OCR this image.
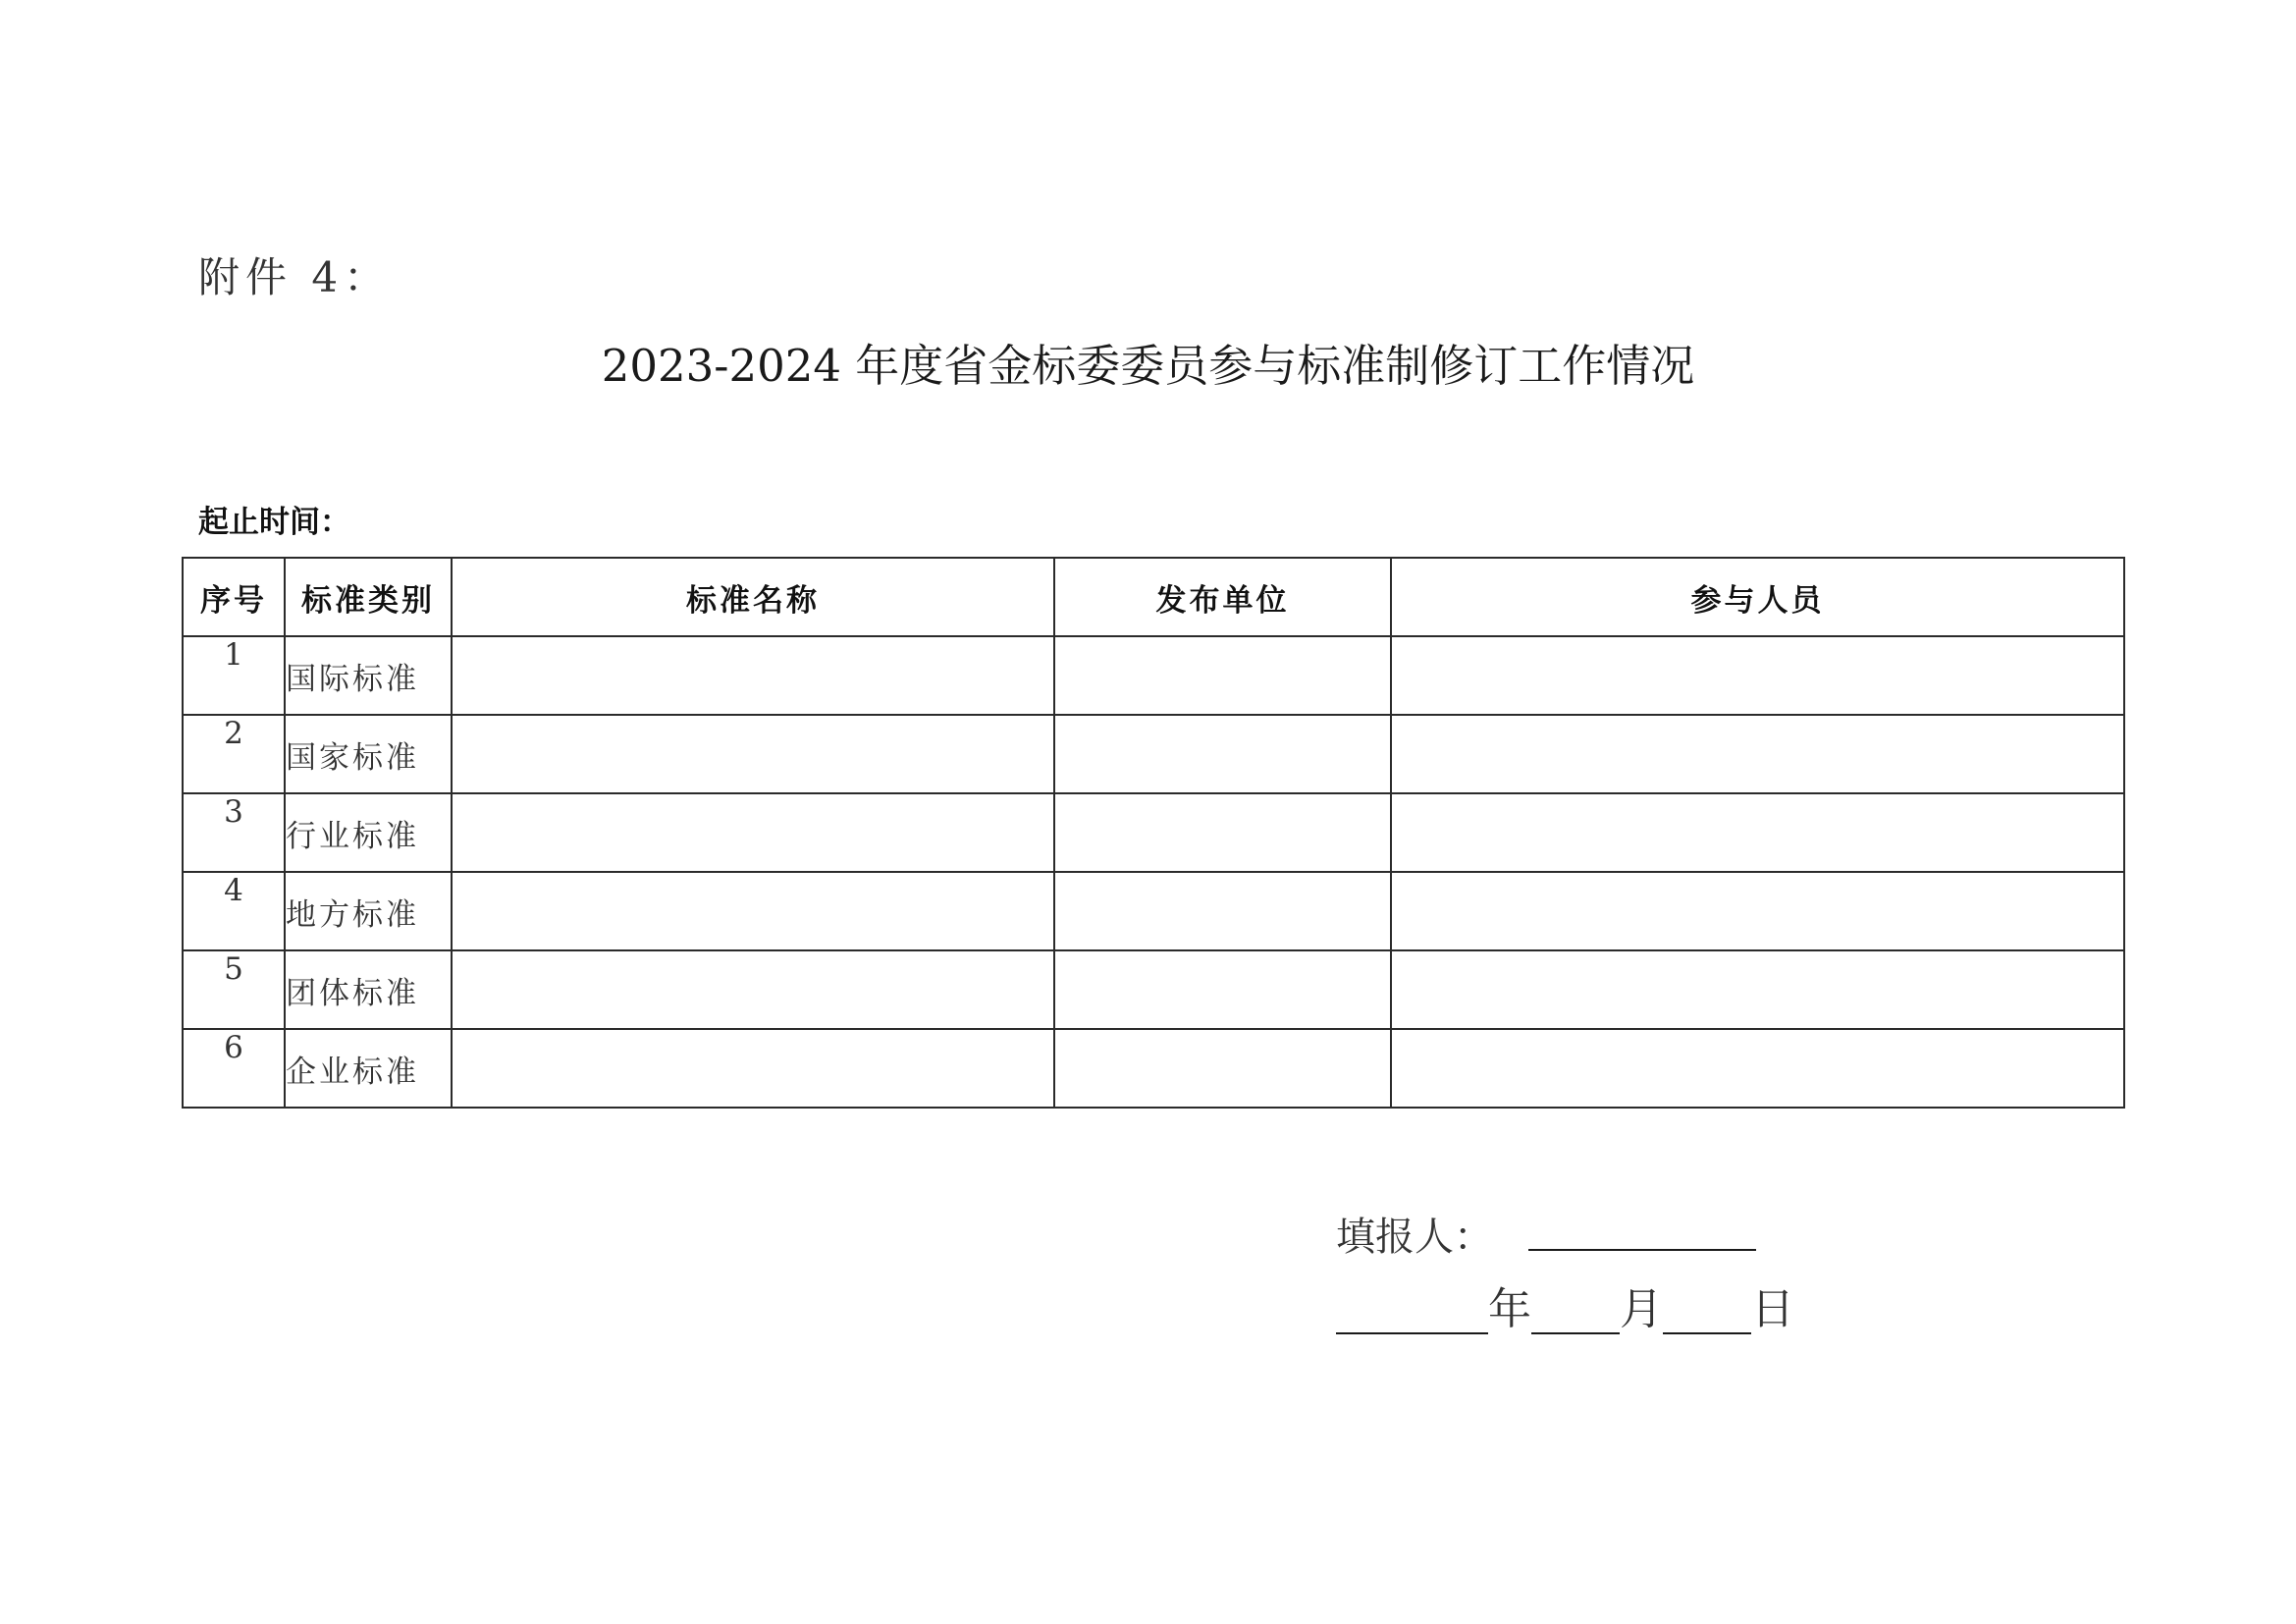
附件 4：
2023-2024 年度省金标委委员参与标准制修订工作情况
起止时间：
序号	标准类别	标准名称	发布单位	参与人员
1	国际标准			
2	国家标准			
3	行业标准			
4	地方标准			
5	团体标准			
6	企业标准			
填报人：
年 月 日
